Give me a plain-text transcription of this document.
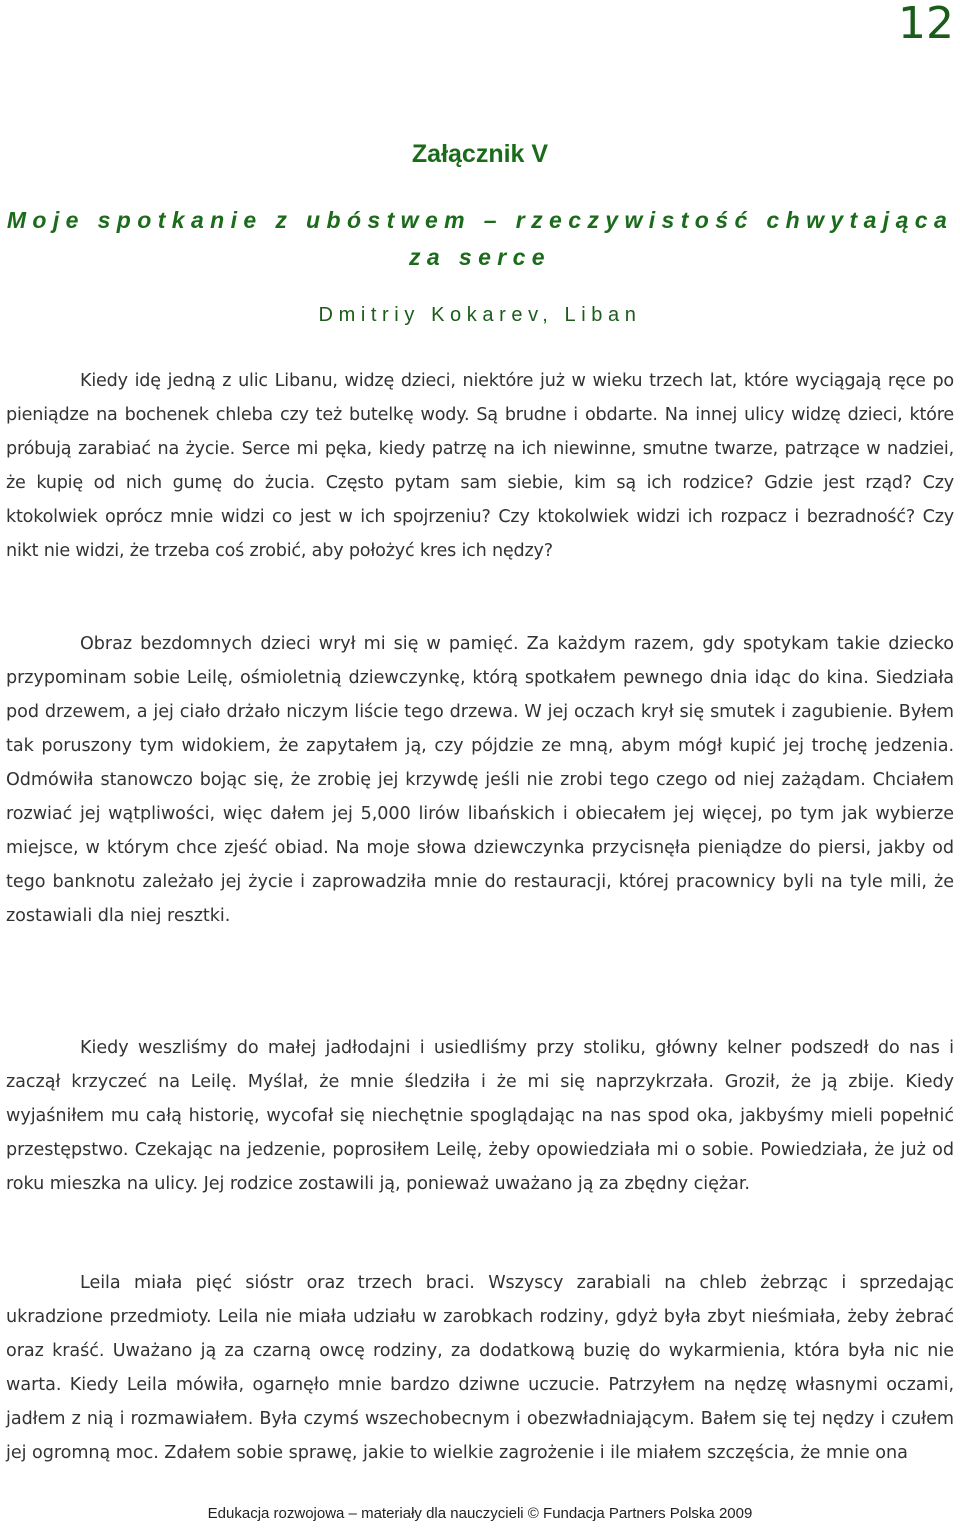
12
Załącznik V
Moje spotkanie z ubóstwem – rzeczywistość chwytająca za serce
Dmitriy Kokarev, Liban

Kiedy idę jedną z ulic Libanu, widzę dzieci, niektóre już w wieku trzech lat, które wyciągają ręce po pieniądze na bochenek chleba czy też butelkę wody. Są brudne i obdarte. Na innej ulicy widzę dzieci, które próbują zarabiać na życie. Serce mi pęka, kiedy patrzę na ich niewinne, smutne twarze, patrzące w nadziei, że kupię od nich gumę do żucia. Często pytam sam siebie, kim są ich rodzice? Gdzie jest rząd? Czy ktokolwiek oprócz mnie widzi co jest w ich spojrzeniu? Czy ktokolwiek widzi ich rozpacz i bezradność? Czy nikt nie widzi, że trzeba coś zrobić, aby położyć kres ich nędzy?

Obraz bezdomnych dzieci wrył mi się w pamięć. Za każdym razem, gdy spotykam takie dziecko przypominam sobie Leilę, ośmioletnią dziewczynkę, którą spotkałem pewnego dnia idąc do kina. Siedziała pod drzewem, a jej ciało drżało niczym liście tego drzewa. W jej oczach krył się smutek i zagubienie. Byłem tak poruszony tym widokiem, że zapytałem ją, czy pójdzie ze mną, abym mógł kupić jej trochę jedzenia. Odmówiła stanowczo bojąc się, że zrobię jej krzywdę jeśli nie zrobi tego czego od niej zażądam. Chciałem rozwiać jej wątpliwości, więc dałem jej 5,000 lirów libańskich i obiecałem jej więcej, po tym jak wybierze miejsce, w którym chce zjeść obiad. Na moje słowa dziewczynka przycisnęła pieniądze do piersi, jakby od tego banknotu zależało jej życie i zaprowadziła mnie do restauracji, której pracownicy byli na tyle mili, że zostawiali dla niej resztki.

Kiedy weszliśmy do małej jadłodajni i usiedliśmy przy stoliku, główny kelner podszedł do nas i zaczął krzyczeć na Leilę. Myślał, że mnie śledziła i że mi się naprzykrzała. Groził, że ją zbije. Kiedy wyjaśniłem mu całą historię, wycofał się niechętnie spoglądając na nas spod oka, jakbyśmy mieli popełnić przestępstwo. Czekając na jedzenie, poprosiłem Leilę, żeby opowiedziała mi o sobie. Powiedziała, że już od roku mieszka na ulicy. Jej rodzice zostawili ją, ponieważ uważano ją za zbędny ciężar.

Leila miała pięć sióstr oraz trzech braci. Wszyscy zarabiali na chleb żebrząc i sprzedając ukradzione przedmioty. Leila nie miała udziału w zarobkach rodziny, gdyż była zbyt nieśmiała, żeby żebrać oraz kraść. Uważano ją za czarną owcę rodziny, za dodatkową buzię do wykarmienia, która była nic nie warta. Kiedy Leila mówiła, ogarnęło mnie bardzo dziwne uczucie. Patrzyłem na nędzę własnymi oczami, jadłem z nią i rozmawiałem. Była czymś wszechobecnym i obezwładniającym. Bałem się tej nędzy i czułem jej ogromną moc. Zdałem sobie sprawę, jakie to wielkie zagrożenie i ile miałem szczęścia, że mnie ona

Edukacja rozwojowa – materiały dla nauczycieli © Fundacja Partners Polska 2009
